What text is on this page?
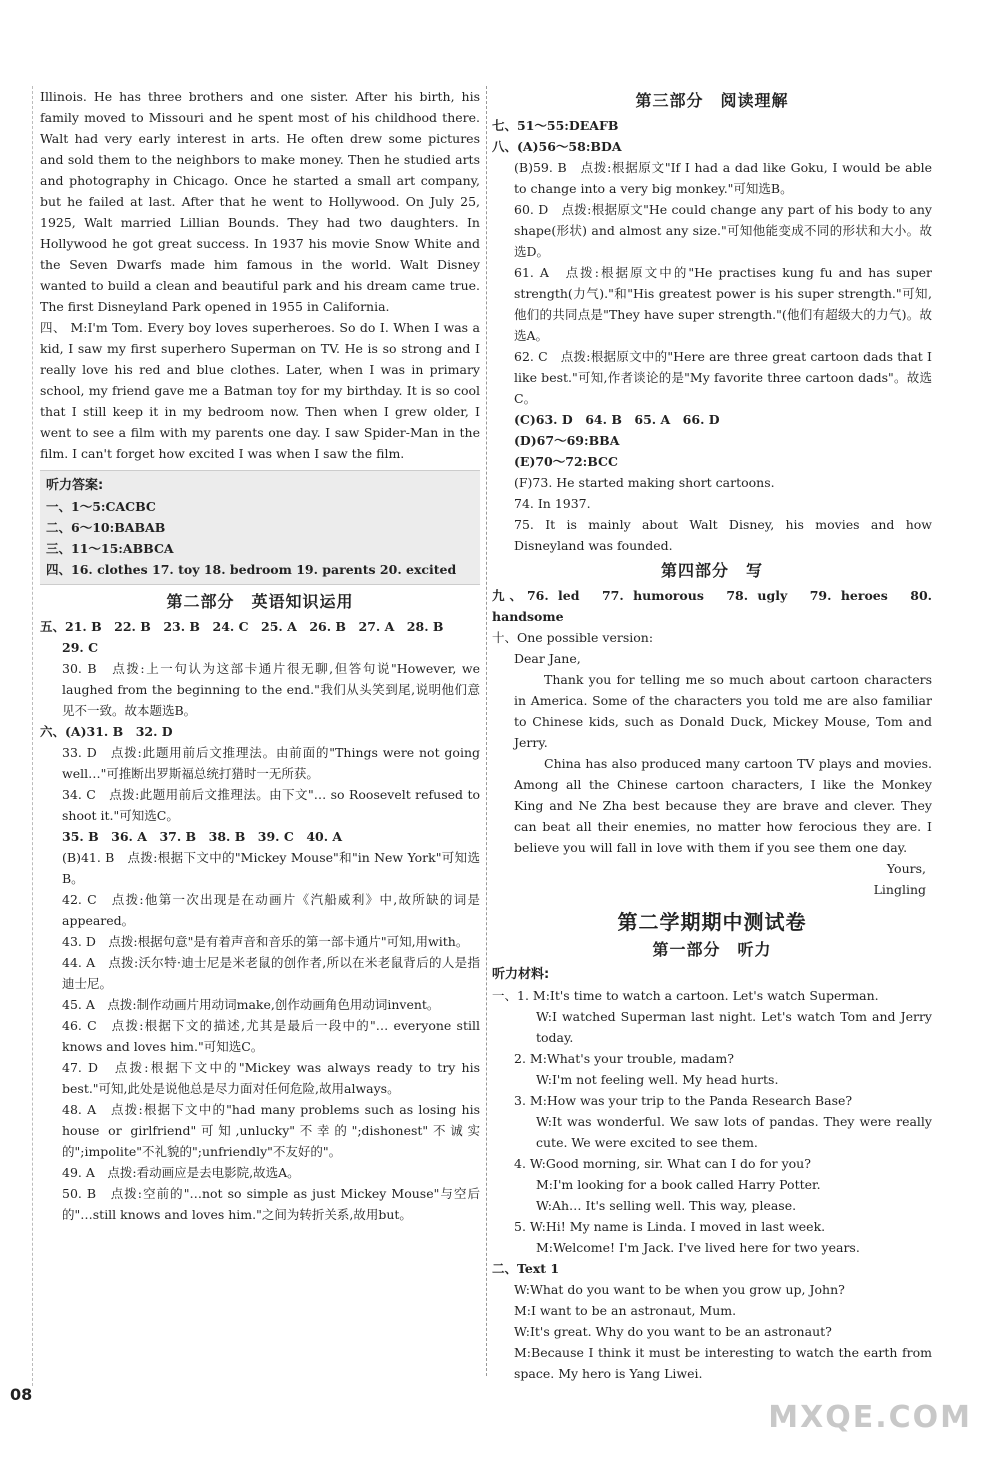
Illinois. He has three brothers and one sister. After his birth, his family moved to Missouri and he spent most of his childhood there. Walt had very early interest in arts. He often drew some pictures and sold them to the neighbors to make money. Then he studied arts and photography in Chicago. Once he started a small art company, but he failed at last. After that he went to Hollywood. On July 25, 1925, Walt married Lillian Bounds. They had two daughters. In Hollywood he got great success. In 1937 his movie Snow White and the Seven Dwarfs made him famous in the world. Walt Disney wanted to build a clean and beautiful park and his dream came true. The first Disneyland Park opened in 1955 in California.

四、 M:I'm Tom. Every boy loves superheroes. So do I. When I was a kid, I saw my first superhero Superman on TV. He is so strong and I really love his red and blue clothes. Later, when I was in primary school, my friend gave me a Batman toy for my birthday. It is so cool that I still keep it in my bedroom now. Then when I grew older, I went to see a film with my parents one day. I saw Spider-Man in the film. I can't forget how excited I was when I saw the film.

听力答案:
一、1～5:CACBC
二、6～10:BABAB
三、11～15:ABBCA
四、16. clothes 17. toy 18. bedroom 19. parents 20. excited
第二部分　英语知识运用

五、21. B　22. B　23. B　24. C　25. A　26. B　27. A　28. B

29. C

30. B　点拨:上一句认为这部卡通片很无聊,但答句说"However, we laughed from the beginning to the end."我们从头笑到尾,说明他们意见不一致。故本题选B。

六、(A)31. B　32. D

33. D　点拨:此题用前后文推理法。由前面的"Things were not going well…"可推断出罗斯福总统打猎时一无所获。

34. C　点拨:此题用前后文推理法。由下文"… so Roosevelt refused to shoot it."可知选C。

35. B　36. A　37. B　38. B　39. C　40. A

(B)41. B　点拨:根据下文中的"Mickey Mouse"和"in New York"可知选B。

42. C　点拨:他第一次出现是在动画片《汽船威利》中,故所缺的词是appeared。

43. D　点拨:根据句意"是有着声音和音乐的第一部卡通片"可知,用with。

44. A　点拨:沃尔特·迪士尼是米老鼠的创作者,所以在米老鼠背后的人是指迪士尼。

45. A　点拨:制作动画片用动词make,创作动画角色用动词invent。

46. C　点拨:根据下文的描述,尤其是最后一段中的"… everyone still knows and loves him."可知选C。

47. D　点拨:根据下文中的"Mickey was always ready to try his best."可知,此处是说他总是尽力面对任何危险,故用always。

48. A　点拨:根据下文中的"had many problems such as losing his house or girlfriend"可知,unlucky"不幸的";dishonest"不诚实的";impolite"不礼貌的";unfriendly"不友好的"。

49. A　点拨:看动画应是去电影院,故选A。

50. B　点拨:空前的"…not so simple as just Mickey Mouse"与空后的"…still knows and loves him."之间为转折关系,故用but。

第三部分　阅读理解

七、51～55:DEAFB

八、(A)56～58:BDA

(B)59. B　点拨:根据原文"If I had a dad like Goku, I would be able to change into a very big monkey."可知选B。

60. D　点拨:根据原文"He could change any part of his body to any shape(形状) and almost any size."可知他能变成不同的形状和大小。故选D。

61. A　点拨:根据原文中的"He practises kung fu and has super strength(力气)."和"His greatest power is his super strength."可知,他们的共同点是"They have super strength."(他们有超级大的力气)。故选A。

62. C　点拨:根据原文中的"Here are three great cartoon dads that I like best."可知,作者谈论的是"My favorite three cartoon dads"。故选C。

(C)63. D　64. B　65. A　66. D

(D)67～69:BBA

(E)70～72:BCC

(F)73. He started making short cartoons.

74. In 1937.

75. It is mainly about Walt Disney, his movies and how Disneyland was founded.

第四部分　写

九、76. led　77. humorous　78. ugly　79. heroes　80. handsome

十、One possible version:

Dear Jane,

Thank you for telling me so much about cartoon characters in America. Some of the characters you told me are also familiar to Chinese kids, such as Donald Duck, Mickey Mouse, Tom and Jerry.

China has also produced many cartoon TV plays and movies. Among all the Chinese cartoon characters, I like the Monkey King and Ne Zha best because they are brave and clever. They can beat all their enemies, no matter how ferocious they are. I believe you will fall in love with them if you see them one day.

Yours,

Lingling

第二学期期中测试卷
第一部分　听力
听力材料:

一、1. M:It's time to watch a cartoon. Let's watch Superman.

W:I watched Superman last night. Let's watch Tom and Jerry today.

2. M:What's your trouble, madam?

W:I'm not feeling well. My head hurts.

3. M:How was your trip to the Panda Research Base?

W:It was wonderful. We saw lots of pandas. They were really cute. We were excited to see them.

4. W:Good morning, sir. What can I do for you?

M:I'm looking for a book called Harry Potter.

W:Ah… It's selling well. This way, please.

5. W:Hi! My name is Linda. I moved in last week.

M:Welcome! I'm Jack. I've lived here for two years.

二、Text 1

W:What do you want to be when you grow up, John?

M:I want to be an astronaut, Mum.

W:It's great. Why do you want to be an astronaut?

M:Because I think it must be interesting to watch the earth from space. My hero is Yang Liwei.

08
MXQE.COM
